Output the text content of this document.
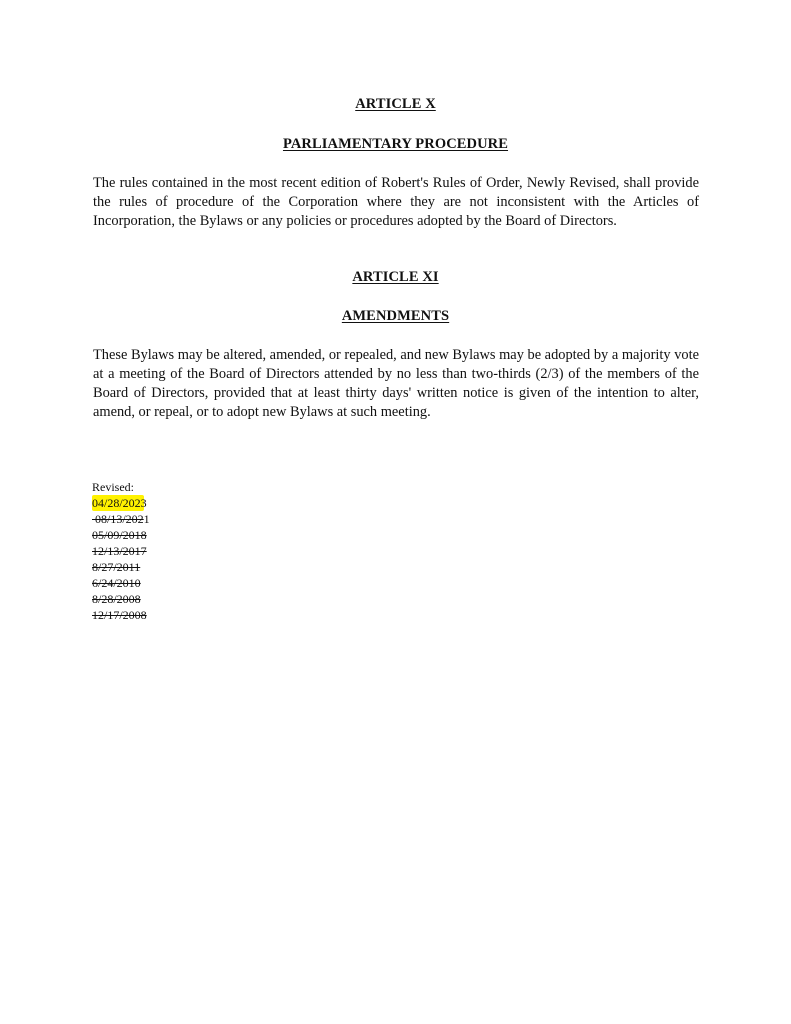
ARTICLE X
PARLIAMENTARY PROCEDURE
The rules contained in the most recent edition of Robert's Rules of Order, Newly Revised, shall provide the rules of procedure of the Corporation where they are not inconsistent with the Articles of Incorporation, the Bylaws or any policies or procedures adopted by the Board of Directors.
ARTICLE XI
AMENDMENTS
These Bylaws may be altered, amended, or repealed, and new Bylaws may be adopted by a majority vote at a meeting of the Board of Directors attended by no less than two-thirds (2/3) of the members of the Board of Directors, provided that at least thirty days' written notice is given of the intention to alter, amend, or repeal, or to adopt new Bylaws at such meeting.
Revised:
04/28/2023
08/13/2021
05/09/2018
12/13/2017
8/27/2011
6/24/2010
8/28/2008
12/17/2008
